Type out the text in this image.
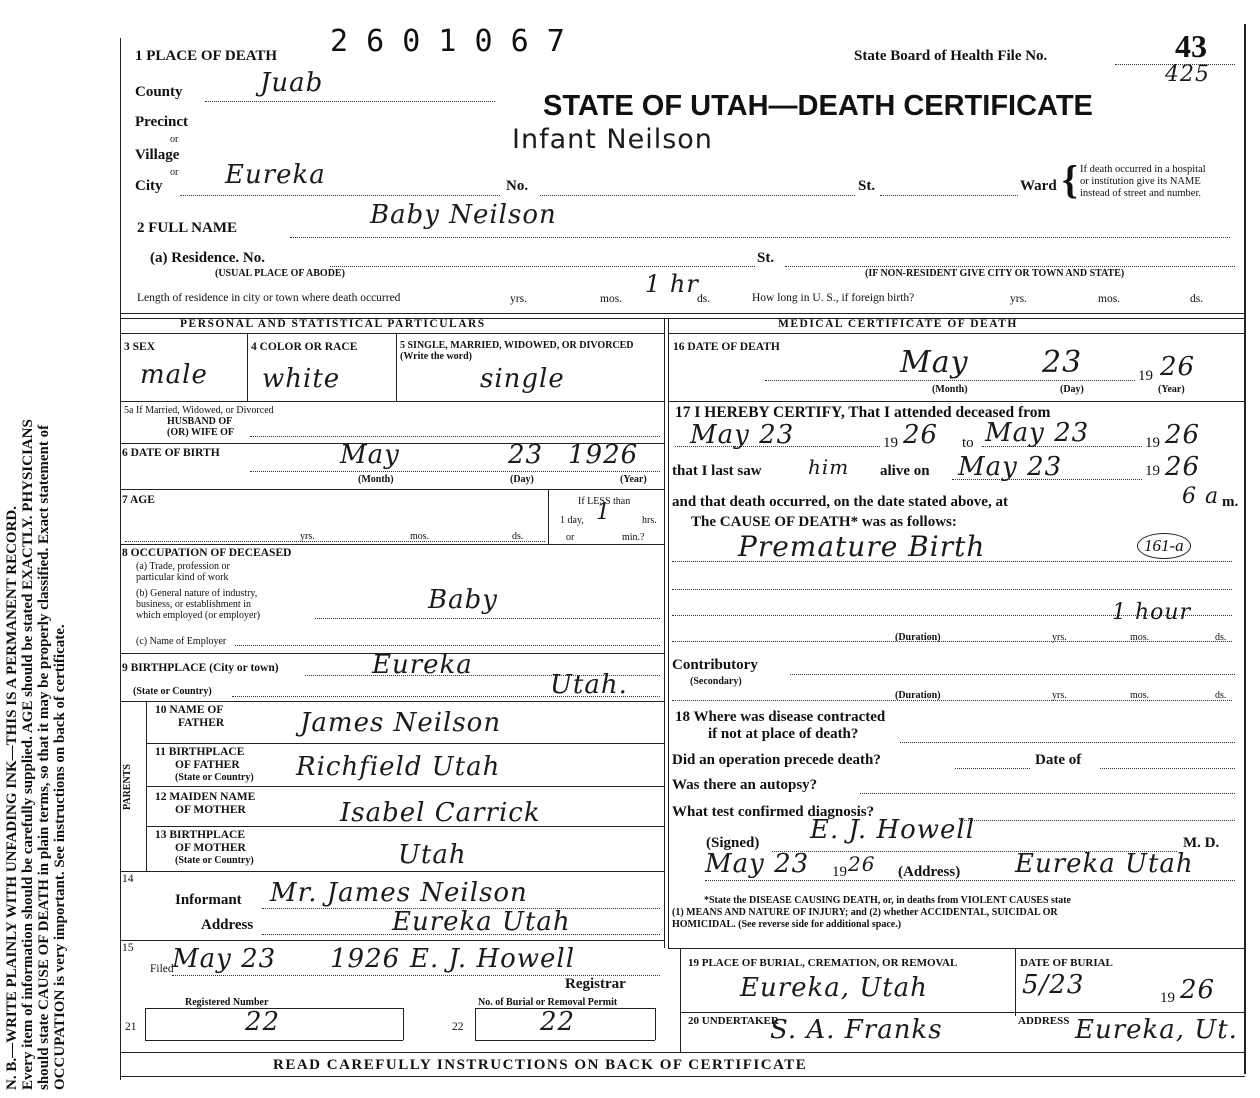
N. B.—WRITE PLAINLY WITH UNFADING INK—THIS IS A PERMANENT RECORD. Every item of information should be carefully supplied. AGE should be stated EXACTLY. PHYSICIANS should state CAUSE OF DEATH in plain terms, so that it may be properly classified. Exact statement of OCCUPATION is very important. See instructions on back of certificate.
1 PLACE OF DEATH 2 6 0 1 0 6 7	State Board of Health File No.	43
425
STATE OF UTAH—DEATH CERTIFICATE
Infant Neilson
County	Juab
Precinct
or
Village
or
City Eureka	No.	St.	Ward { If death occurred in a hospital or institution give its NAME instead of street and number.
2 FULL NAME	Baby Neilson
(a) Residence. No.
(USUAL PLACE OF ABODE)
St.
(IF NON-RESIDENT GIVE CITY OR TOWN AND STATE)
Length of residence in city or town where death occurred	yrs.	mos.
1 hr
ds.	How long in U. S., if foreign birth?	yrs.	mos.	ds.
PERSONAL AND STATISTICAL PARTICULARS
3 SEX
male
4 COLOR OR RACE
white
5 SINGLE, MARRIED, WIDOWED, OR DIVORCED (Write the word)
single
5a If Married, Widowed, or Divorced
HUSBAND OF
(OR) WIFE OF
6 DATE OF BIRTH	May	23 1926
(Month)	(Day)	(Year)
7 AGE
yrs.	mos.	ds.
If LESS than
1 day, 1	hrs.
or	min.?
8 OCCUPATION OF DECEASED
(a) Trade, profession or
particular kind of work
(b) General nature of industry,
business, or establishment in
which employed (or employer)
Baby
(c) Name of Employer
9 BIRTHPLACE (City or town)	Eureka
(State or Country)	Utah.
PARENTS
10 NAME OF
FATHER	James Neilson
11 BIRTHPLACE
OF FATHER
(State or Country) Richfield Utah
12 MAIDEN NAME
OF MOTHER	Isabel Carrick
13 BIRTHPLACE
OF MOTHER
(State or Country)	Utah
14
Informant Mr. James Neilson
Address	Eureka Utah
15
Filed
May 23 1926 E. J. Howell
Registrar
Registered Number	No. of Burial or Removal Permit
21	22	22	22
MEDICAL CERTIFICATE OF DEATH
16 DATE OF DEATH	May 23	19 26
(Month)	(Day)	(Year)
17 I HEREBY CERTIFY, That I attended deceased from
May 23	19 26 to May 23	19 26
that I last saw him alive on May 23	19 26
and that death occurred, on the date stated above, at	6 a m.
The CAUSE OF DEATH* was as follows:
Premature Birth	161-a
1 hour
(Duration)	yrs.	mos.	ds.
Contributory
(Secondary)
(Duration)	yrs.	mos.	ds.
18 Where was disease contracted
if not at place of death?
Did an operation precede death?	Date of
Was there an autopsy?
What test confirmed diagnosis?
(Signed) E. J. Howell	M. D.
May 23 19 26 (Address) Eureka Utah
*State the DISEASE CAUSING DEATH, or, in deaths from VIOLENT CAUSES state
(1) MEANS AND NATURE OF INJURY; and (2) whether ACCIDENTAL, SUICIDAL OR
HOMICIDAL. (See reverse side for additional space.)
19 PLACE OF BURIAL, CREMATION, OR REMOVAL	DATE OF BURIAL
Eureka, Utah	5/23	19 26
20 UNDERTAKER	ADDRESS
S. A. Franks	Eureka, Ut.
READ CAREFULLY INSTRUCTIONS ON BACK OF CERTIFICATE
